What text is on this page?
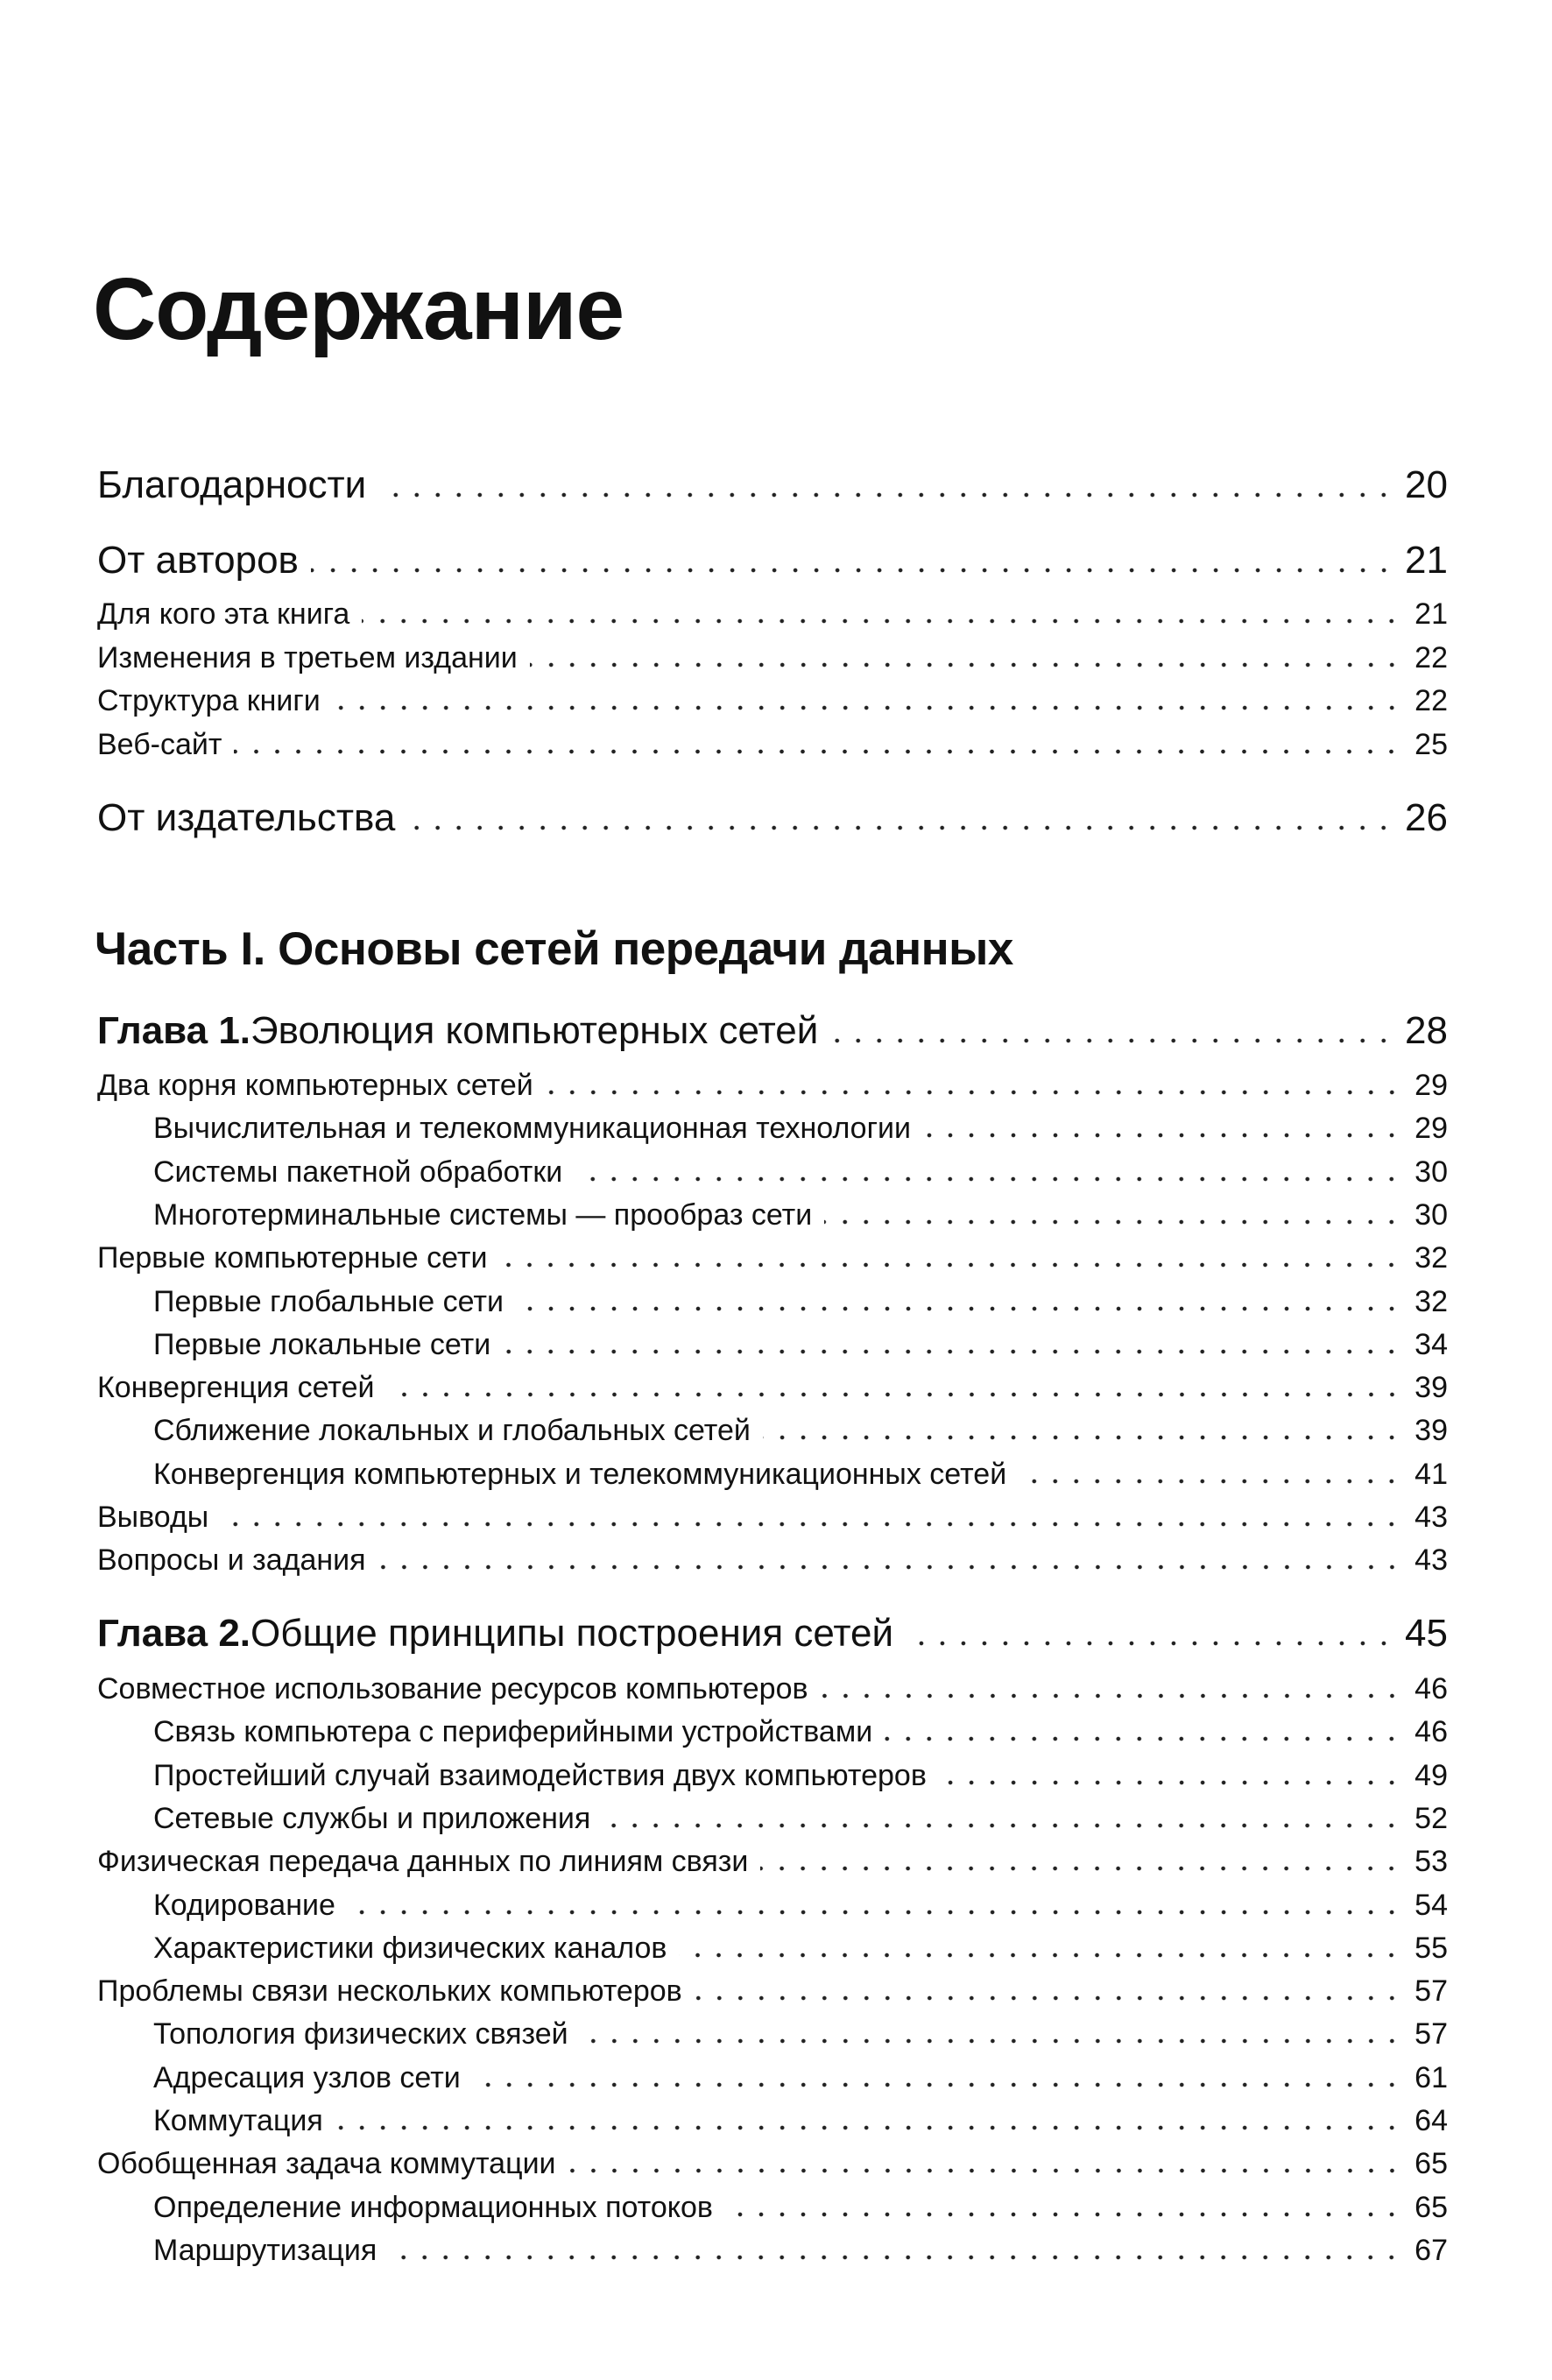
Содержание
Благодарности	20
От авторов	21
Для кого эта книга	21
Изменения в третьем издании	22
Структура книги	22
Веб-сайт	25
От издательства	26
Глава 1. Эволюция компьютерных сетей	28
Два корня компьютерных сетей	29
Вычислительная и телекоммуникационная технологии	29
Системы пакетной обработки	30
Многотерминальные системы — прообраз сети	30
Первые компьютерные сети	32
Первые глобальные сети	32
Первые локальные сети	34
Конвергенция сетей	39
Сближение локальных и глобальных сетей	39
Конвергенция компьютерных и телекоммуникационных сетей	41
Выводы	43
Вопросы и задания	43
Глава 2. Общие принципы построения сетей	45
Совместное использование ресурсов компьютеров	46
Связь компьютера с периферийными устройствами	46
Простейший случай взаимодействия двух компьютеров	49
Сетевые службы и приложения	52
Физическая передача данных по линиям связи	53
Кодирование	54
Характеристики физических каналов	55
Проблемы связи нескольких компьютеров	57
Топология физических связей	57
Адресация узлов сети	61
Коммутация	64
Обобщенная задача коммутации	65
Определение информационных потоков	65
Маршрутизация	67
Часть I. Основы сетей передачи данных
